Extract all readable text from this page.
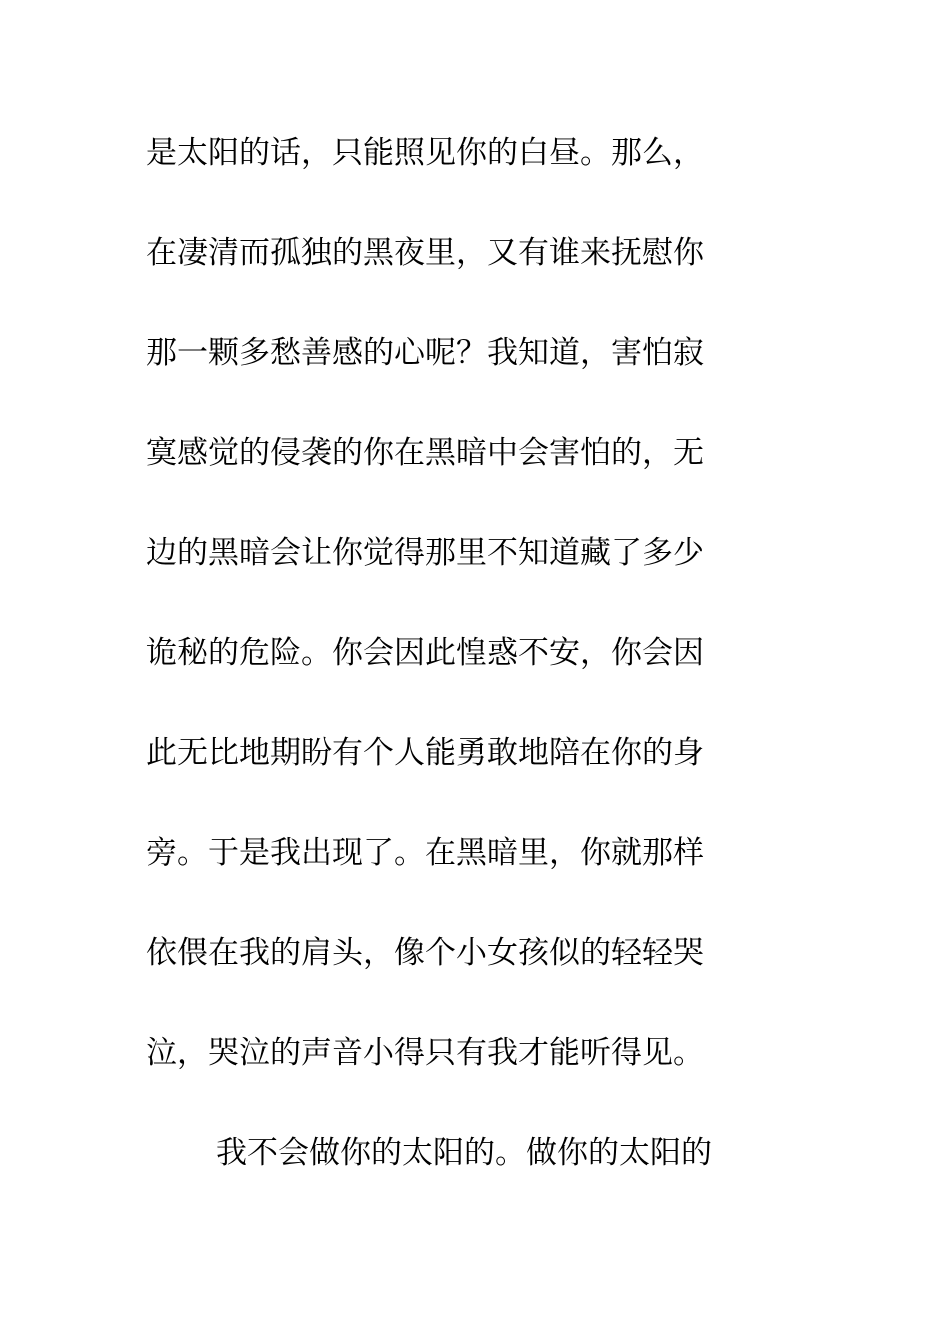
是太阳的话，只能照见你的白昼。那么，
在凄清而孤独的黑夜里，又有谁来抚慰你
那一颗多愁善感的心呢？我知道，害怕寂
寞感觉的侵袭的你在黑暗中会害怕的，无
边的黑暗会让你觉得那里不知道藏了多少
诡秘的危险。你会因此惶惑不安，你会因
此无比地期盼有个人能勇敢地陪在你的身
旁。于是我出现了。在黑暗里，你就那样
依偎在我的肩头，像个小女孩似的轻轻哭
泣，哭泣的声音小得只有我才能听得见。
我不会做你的太阳的。做你的太阳的
